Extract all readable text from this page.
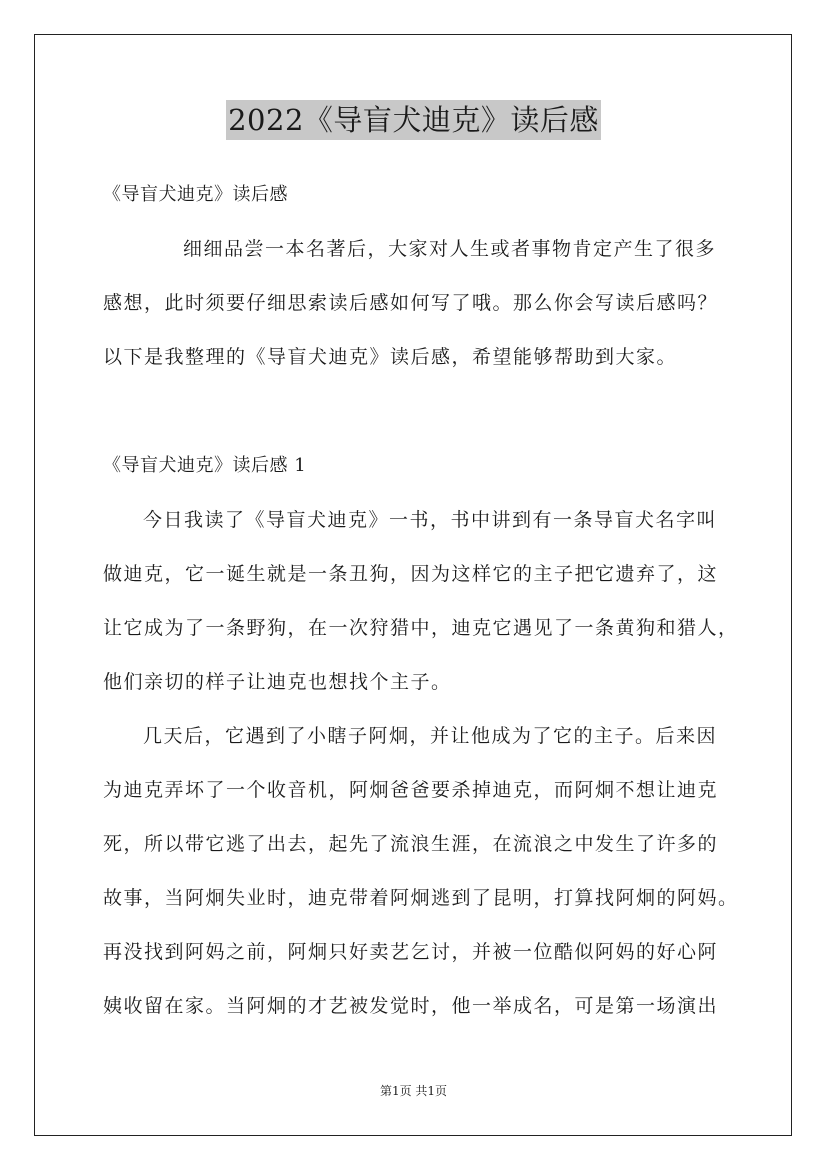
2022《导盲犬迪克》读后感
《导盲犬迪克》读后感
细细品尝一本名著后，大家对人生或者事物肯定产生了很多
感想，此时须要仔细思索读后感如何写了哦。那么你会写读后感吗？
以下是我整理的《导盲犬迪克》读后感，希望能够帮助到大家。
《导盲犬迪克》读后感 1
今日我读了《导盲犬迪克》一书，书中讲到有一条导盲犬名字叫
做迪克，它一诞生就是一条丑狗，因为这样它的主子把它遗弃了，这
让它成为了一条野狗，在一次狩猎中，迪克它遇见了一条黄狗和猎人，
他们亲切的样子让迪克也想找个主子。
几天后，它遇到了小瞎子阿炯，并让他成为了它的主子。后来因
为迪克弄坏了一个收音机，阿炯爸爸要杀掉迪克，而阿炯不想让迪克
死，所以带它逃了出去，起先了流浪生涯，在流浪之中发生了许多的
故事，当阿炯失业时，迪克带着阿炯逃到了昆明，打算找阿炯的阿妈。
再没找到阿妈之前，阿炯只好卖艺乞讨，并被一位酷似阿妈的好心阿
姨收留在家。当阿炯的才艺被发觉时，他一举成名，可是第一场演出
第1页 共1页
